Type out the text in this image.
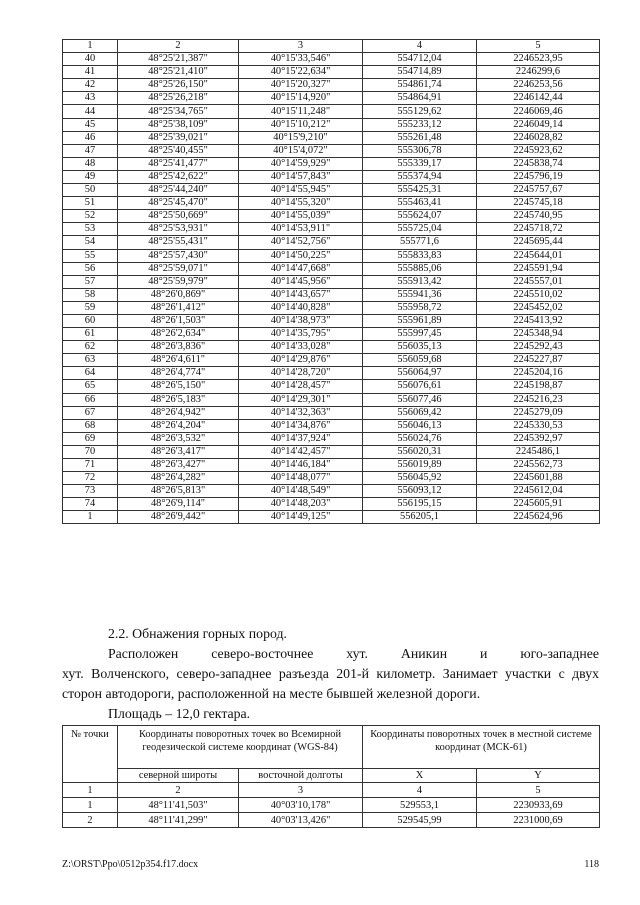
1	2	3	4	5
40	48°25'21,387"	40°15'33,546"	554712,04	2246523,95
41	48°25'21,410"	40°15'22,634"	554714,89	2246299,6
42	48°25'26,150"	40°15'20,327"	554861,74	2246253,56
43	48°25'26,218"	40°15'14,920"	554864,91	2246142,44
44	48°25'34,765"	40°15'11,248"	555129,62	2246069,46
45	48°25'38,109"	40°15'10,212"	555233,12	2246049,14
46	48°25'39,021"	40°15'9,210"	555261,48	2246028,82
47	48°25'40,455"	40°15'4,072"	555306,78	2245923,62
48	48°25'41,477"	40°14'59,929"	555339,17	2245838,74
49	48°25'42,622"	40°14'57,843"	555374,94	2245796,19
50	48°25'44,240"	40°14'55,945"	555425,31	2245757,67
51	48°25'45,470"	40°14'55,320"	555463,41	2245745,18
52	48°25'50,669"	40°14'55,039"	555624,07	2245740,95
53	48°25'53,931"	40°14'53,911"	555725,04	2245718,72
54	48°25'55,431"	40°14'52,756"	555771,6	2245695,44
55	48°25'57,430"	40°14'50,225"	555833,83	2245644,01
56	48°25'59,071"	40°14'47,668"	555885,06	2245591,94
57	48°25'59,979"	40°14'45,956"	555913,42	2245557,01
58	48°26'0,869"	40°14'43,657"	555941,36	2245510,02
59	48°26'1,412"	40°14'40,828"	555958,72	2245452,02
60	48°26'1,503"	40°14'38,973"	555961,89	2245413,92
61	48°26'2,634"	40°14'35,795"	555997,45	2245348,94
62	48°26'3,836"	40°14'33,028"	556035,13	2245292,43
63	48°26'4,611"	40°14'29,876"	556059,68	2245227,87
64	48°26'4,774"	40°14'28,720"	556064,97	2245204,16
65	48°26'5,150"	40°14'28,457"	556076,61	2245198,87
66	48°26'5,183"	40°14'29,301"	556077,46	2245216,23
67	48°26'4,942"	40°14'32,363"	556069,42	2245279,09
68	48°26'4,204"	40°14'34,876"	556046,13	2245330,53
69	48°26'3,532"	40°14'37,924"	556024,76	2245392,97
70	48°26'3,417"	40°14'42,457"	556020,31	2245486,1
71	48°26'3,427"	40°14'46,184"	556019,89	2245562,73
72	48°26'4,282"	40°14'48,077"	556045,92	2245601,88
73	48°26'5,813"	40°14'48,549"	556093,12	2245612,04
74	48°26'9,114"	40°14'48,203"	556195,15	2245605,91
1	48°26'9,442"	40°14'49,125"	556205,1	2245624,96

2.2. Обнажения горных пород.

Расположен северо-восточнее хут. Аникин и юго-западнее

хут. Волченского, северо-западнее разъезда 201-й километр. Занимает участки с двух сторон автодороги, расположенной на месте бывшей железной дороги.

Площадь – 12,0 гектара.

№ точки	Координаты поворотных точек во Всемирной геодезической системе координат (WGS-84)		Координаты поворотных точек в местной системе координат (МСК-61)	
	северной широты	восточной долготы	X	Y
1	2	3	4	5
1	48°11'41,503"	40°03'10,178"	529553,1	2230933,69
2	48°11'41,299"	40°03'13,426"	529545,99	2231000,69
Z:\ORST\Ppo\0512p354.f17.docx	118
